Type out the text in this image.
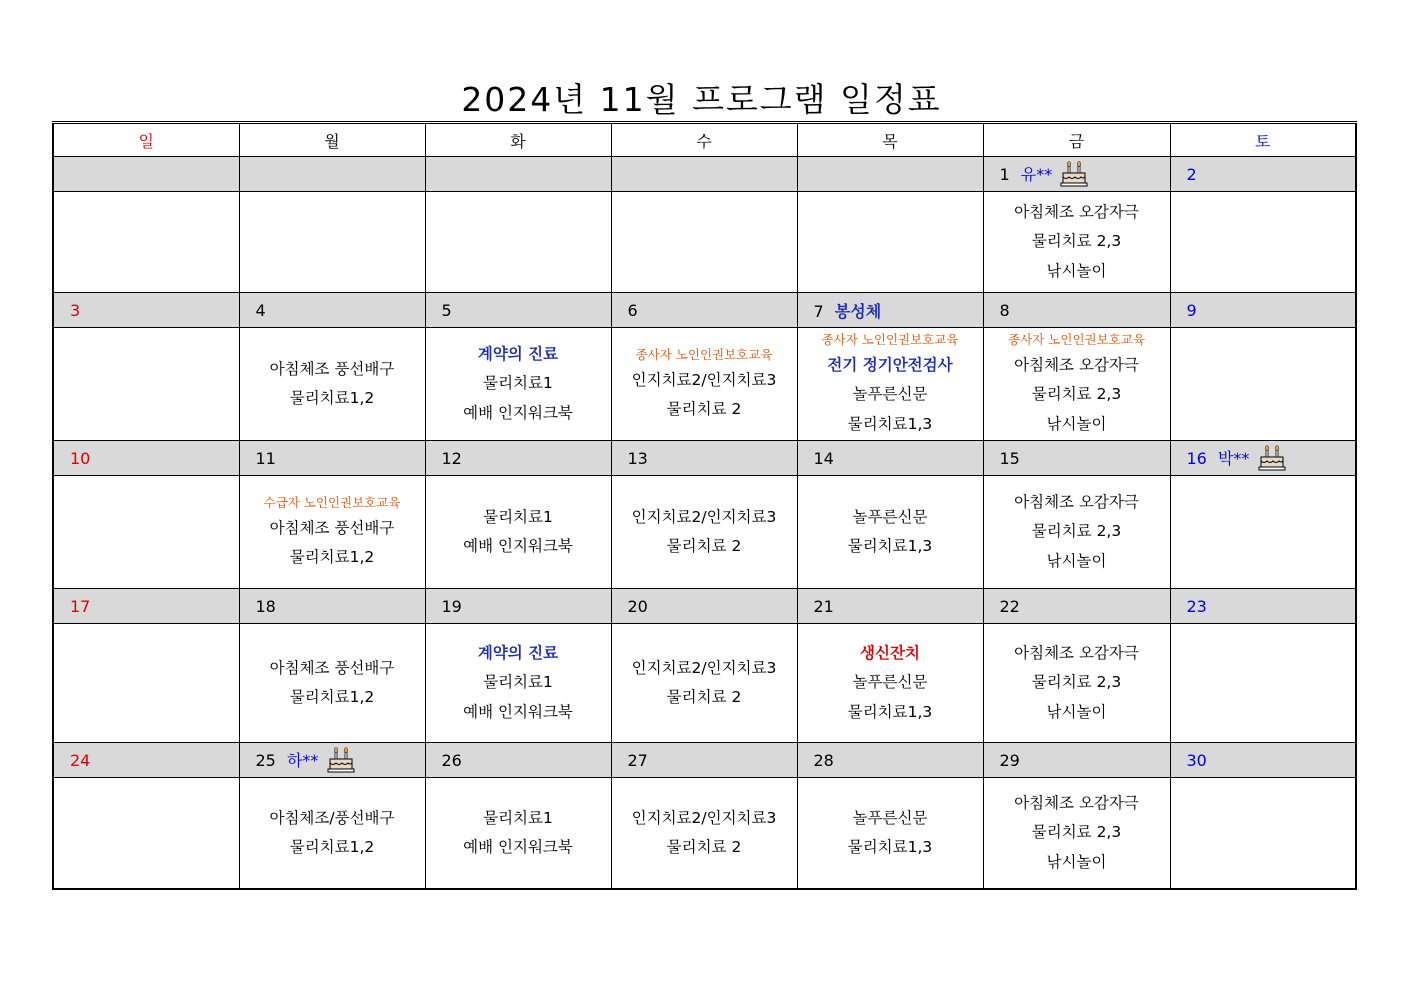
2024년 11월 프로그램 일정표
일	월	화	수	목	금	토
					1 유**	2

					아침체조 오감자극
물리치료 2,3
낚시놀이	

3	4	5	6	7 봉성체	8	9

	아침체조 풍선배구
물리치료1,2	계약의 진료
물리치료1
예배 인지워크북	종사자 노인인권보호교육
인지치료2/인지치료3
물리치료 2	종사자 노인인권보호교육
전기 정기안전검사
놀푸른신문
물리치료1,3	종사자 노인인권보호교육
아침체조 오감자극
물리치료 2,3
낚시놀이	

10	11	12	13	14	15	16 박**

	수급자 노인인권보호교육
아침체조 풍선배구
물리치료1,2	물리치료1
예배 인지워크북	인지치료2/인지치료3
물리치료 2	놀푸른신문
물리치료1,3	아침체조 오감자극
물리치료 2,3
낚시놀이	

17	18	19	20	21	22	23

	아침체조 풍선배구
물리치료1,2	계약의 진료
물리치료1
예배 인지워크북	인지치료2/인지치료3
물리치료 2	생신잔치
놀푸른신문
물리치료1,3	아침체조 오감자극
물리치료 2,3
낚시놀이	

24	25 하**	26	27	28	29	30

	아침체조/풍선배구
물리치료1,2	물리치료1
예배 인지워크북	인지치료2/인지치료3
물리치료 2	놀푸른신문
물리치료1,3	아침체조 오감자극
물리치료 2,3
낚시놀이	
